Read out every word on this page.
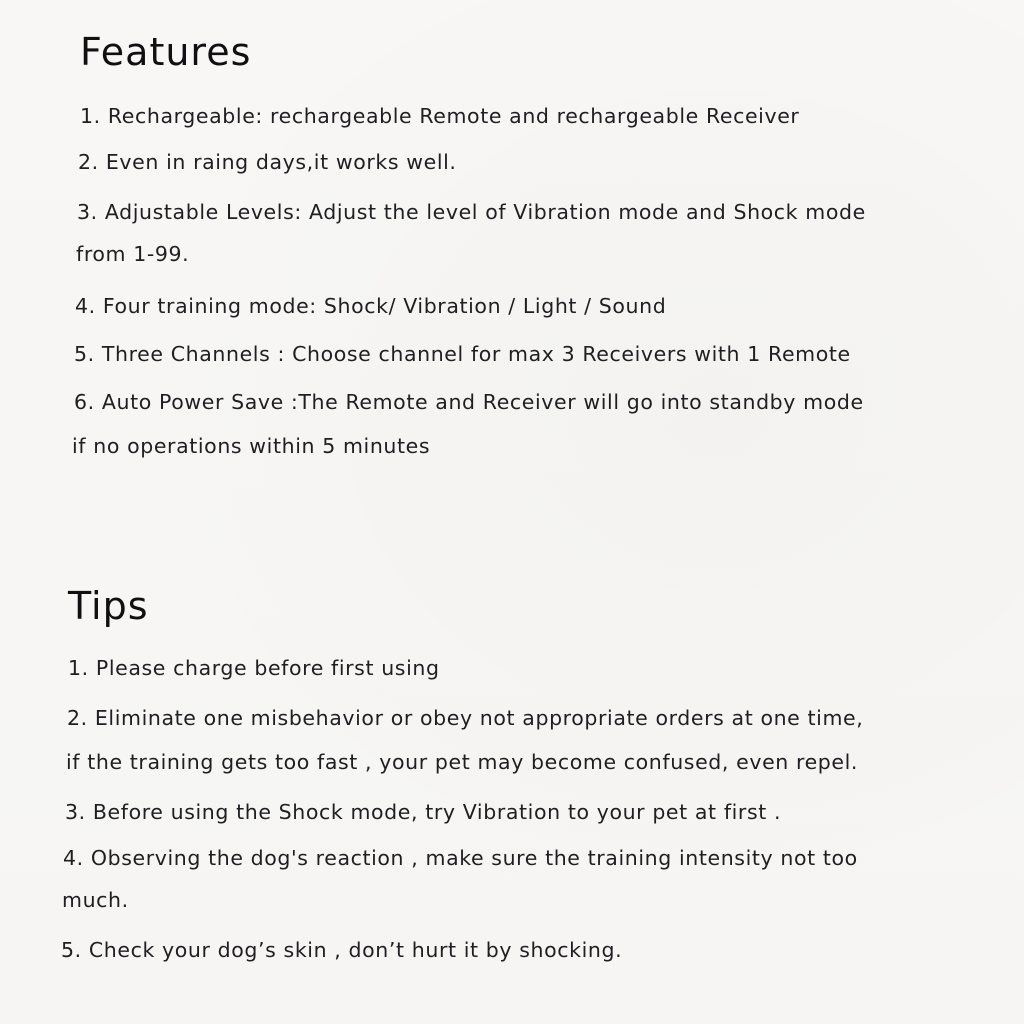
Features

1. Rechargeable: rechargeable Remote and rechargeable Receiver

2. Even in raing days,it works well.

3. Adjustable Levels: Adjust the level of Vibration mode and Shock mode

from 1-99.

4. Four training mode: Shock/ Vibration / Light / Sound

5. Three Channels : Choose channel for max 3 Receivers with 1 Remote

6. Auto Power Save :The Remote and Receiver will go into standby mode

if no operations within 5 minutes

Tips

1. Please charge before first using

2. Eliminate one misbehavior or obey not appropriate orders at one time,

if the training gets too fast , your pet may become confused, even repel.

3. Before using the Shock mode, try Vibration to your pet at first .

4. Observing the dog's reaction , make sure the training intensity not too

much.

5. Check your dog’s skin , don’t hurt it by shocking.
